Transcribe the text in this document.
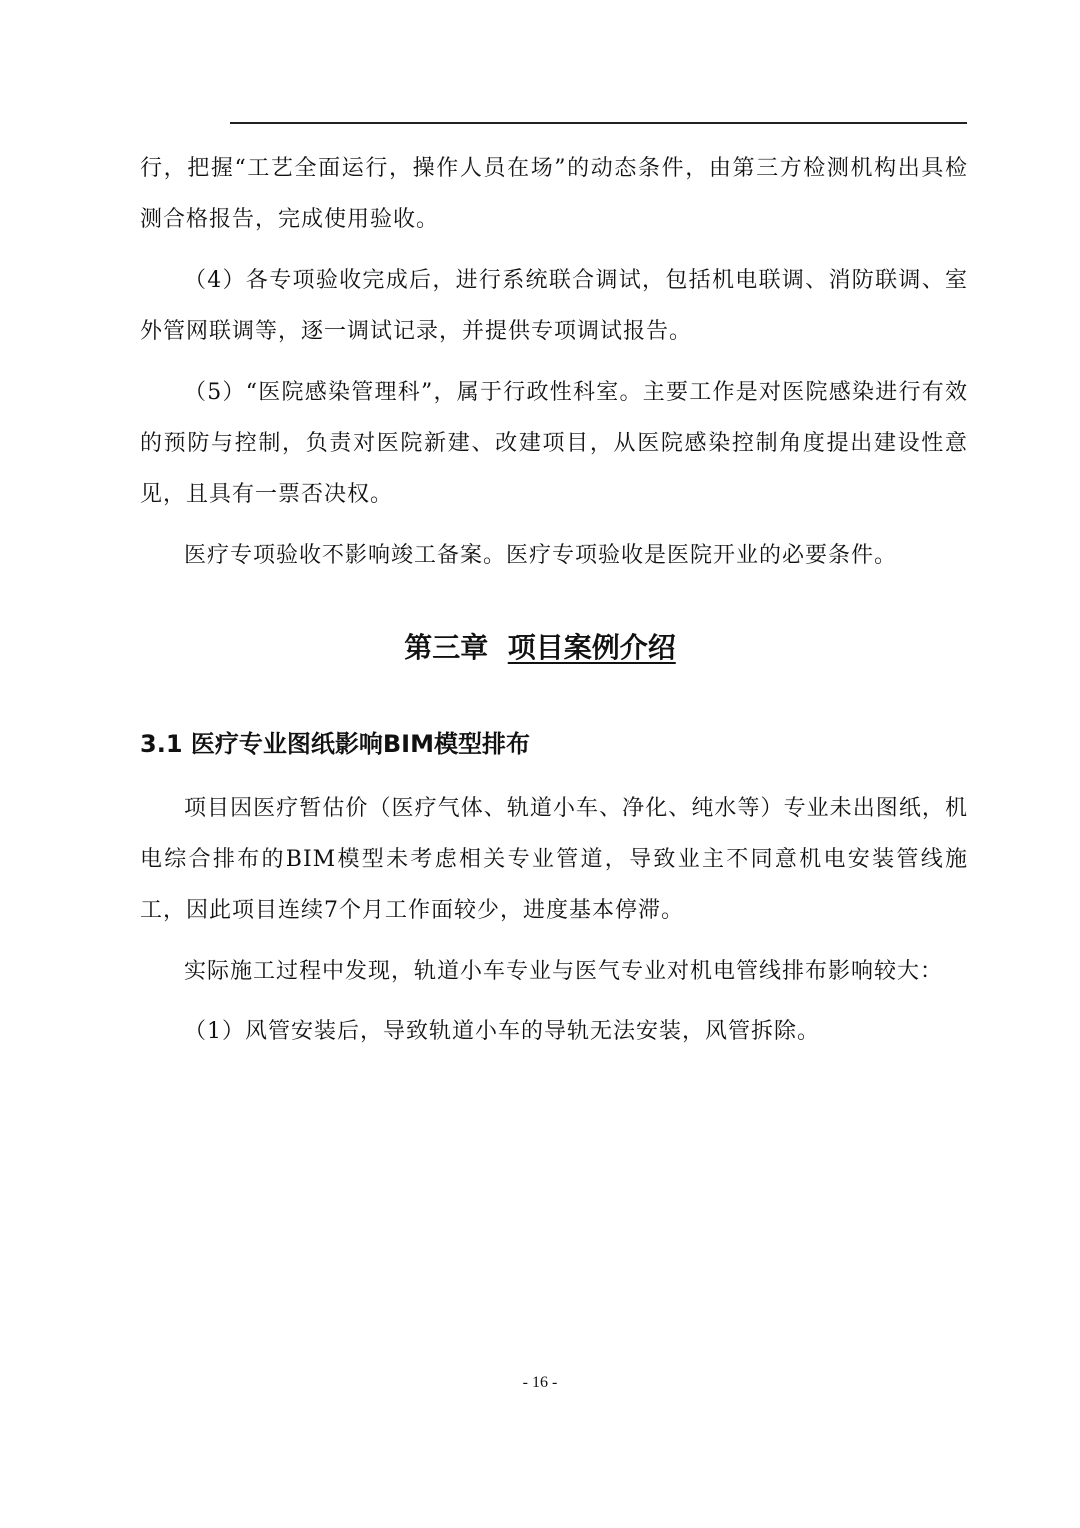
行，把握“工艺全面运行，操作人员在场”的动态条件，由第三方检测机构出具检测合格报告，完成使用验收。

（4）各专项验收完成后，进行系统联合调试，包括机电联调、消防联调、室外管网联调等，逐一调试记录，并提供专项调试报告。

（5）“医院感染管理科”，属于行政性科室。主要工作是对医院感染进行有效的预防与控制，负责对医院新建、改建项目，从医院感染控制角度提出建设性意见，且具有一票否决权。

医疗专项验收不影响竣工备案。医疗专项验收是医院开业的必要条件。

第三章 项目案例介绍
3.1 医疗专业图纸影响BIM模型排布

项目因医疗暂估价（医疗气体、轨道小车、净化、纯水等）专业未出图纸，机电综合排布的BIM模型未考虑相关专业管道，导致业主不同意机电安装管线施工，因此项目连续7个月工作面较少，进度基本停滞。

实际施工过程中发现，轨道小车专业与医气专业对机电管线排布影响较大：

（1）风管安装后，导致轨道小车的导轨无法安装，风管拆除。

- 16 -
